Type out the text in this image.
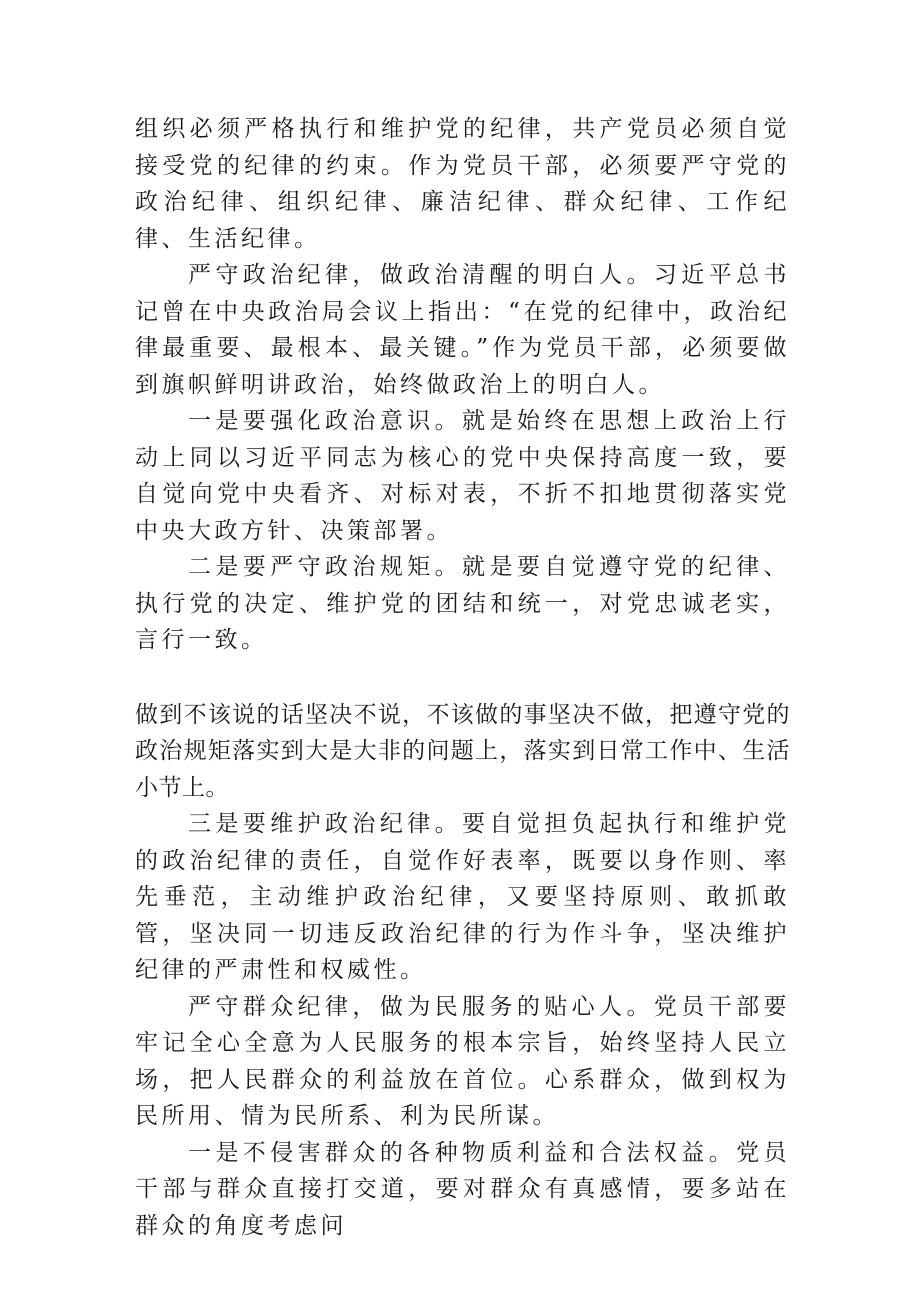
组织必须严格执行和维护党的纪律，共产党员必须自觉接受党的纪律的约束。作为党员干部，必须要严守党的政治纪律、组织纪律、廉洁纪律、群众纪律、工作纪律、生活纪律。

严守政治纪律，做政治清醒的明白人。习近平总书记曾在中央政治局会议上指出：“在党的纪律中，政治纪律最重要、最根本、最关键。”作为党员干部，必须要做到旗帜鲜明讲政治，始终做政治上的明白人。

一是要强化政治意识。就是始终在思想上政治上行动上同以习近平同志为核心的党中央保持高度一致，要自觉向党中央看齐、对标对表，不折不扣地贯彻落实党中央大政方针、决策部署。

二是要严守政治规矩。就是要自觉遵守党的纪律、执行党的决定、维护党的团结和统一，对党忠诚老实，言行一致。

做到不该说的话坚决不说，不该做的事坚决不做，把遵守党的政治规矩落实到大是大非的问题上，落实到日常工作中、生活小节上。

三是要维护政治纪律。要自觉担负起执行和维护党的政治纪律的责任，自觉作好表率，既要以身作则、率先垂范，主动维护政治纪律，又要坚持原则、敢抓敢管，坚决同一切违反政治纪律的行为作斗争，坚决维护纪律的严肃性和权威性。

严守群众纪律，做为民服务的贴心人。党员干部要牢记全心全意为人民服务的根本宗旨，始终坚持人民立场，把人民群众的利益放在首位。心系群众，做到权为民所用、情为民所系、利为民所谋。

一是不侵害群众的各种物质利益和合法权益。党员干部与群众直接打交道，要对群众有真感情，要多站在群众的角度考虑问
